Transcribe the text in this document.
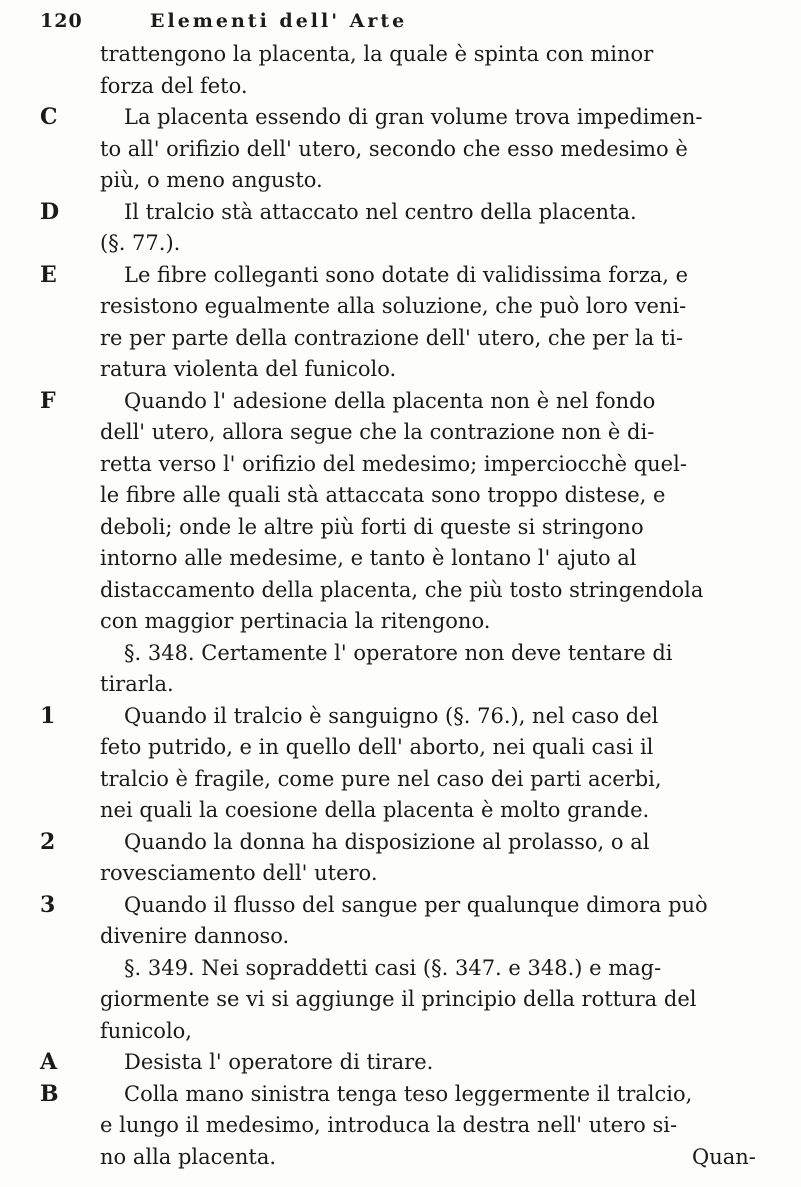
120	Elementi dell' Arte
trattengono la placenta, la quale è spinta con minor
forza del feto.
C	La placenta essendo di gran volume trova impedimen-
to all' orifizio dell' utero, secondo che esso medesimo è
più, o meno angusto.
D	Il tralcio stà attaccato nel centro della placenta.
(§. 77.).
E	Le fibre colleganti sono dotate di validissima forza, e
resistono egualmente alla soluzione, che può loro veni-
re per parte della contrazione dell' utero, che per la ti-
ratura violenta del funicolo.
F	Quando l' adesione della placenta non è nel fondo
dell' utero, allora segue che la contrazione non è di-
retta verso l' orifizio del medesimo; imperciocchè quel-
le fibre alle quali stà attaccata sono troppo distese, e
deboli; onde le altre più forti di queste si stringono
intorno alle medesime, e tanto è lontano l' ajuto al
distaccamento della placenta, che più tosto stringendola
con maggior pertinacia la ritengono.
§. 348. Certamente l' operatore non deve tentare di
tirarla.
1	Quando il tralcio è sanguigno (§. 76.), nel caso del
feto putrido, e in quello dell' aborto, nei quali casi il
tralcio è fragile, come pure nel caso dei parti acerbi,
nei quali la coesione della placenta è molto grande.
2	Quando la donna ha disposizione al prolasso, o al
rovesciamento dell' utero.
3	Quando il flusso del sangue per qualunque dimora può
divenire dannoso.
§. 349. Nei sopraddetti casi (§. 347. e 348.) e mag-
giormente se vi si aggiunge il principio della rottura del
funicolo,
A	Desista l' operatore di tirare.
B	Colla mano sinistra tenga teso leggermente il tralcio,
e lungo il medesimo, introduca la destra nell' utero si-
no alla placenta.	Quan-
